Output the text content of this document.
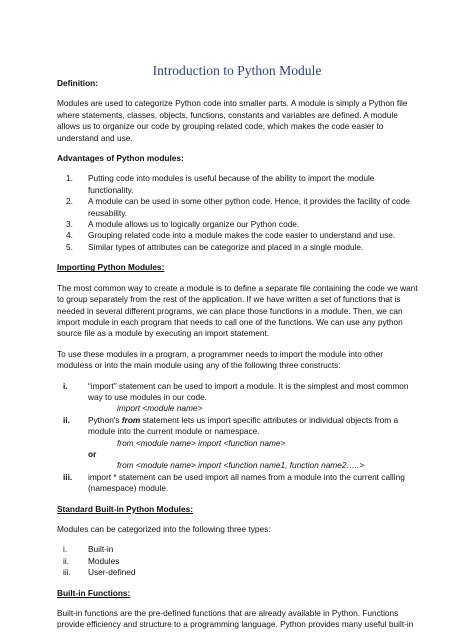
Introduction to Python Module

Definition:

Modules are used to categorize Python code into smaller parts. A module is simply a Python file where statements, classes, objects, functions, constants and variables are defined. A module allows us to organize our code by grouping related code, which makes the code easier to understand and use.

Advantages of Python modules:

1. Putting code into modules is useful because of the ability to import the module functionality.
2. A module can be used in some other python code. Hence, it provides the facility of code reusability.
3. A module allows us to logically organize our Python code.
4. Grouping related code into a module makes the code easier to understand and use.
5. Similar types of attributes can be categorize and placed in a single module.

Importing Python Modules:

The most common way to create a module is to define a separate file containing the code we want to group separately from the rest of the application. If we have written a set of functions that is needed in several different programs, we can place those functions in a module. Then, we can import module in each program that needs to call one of the functions. We can use any python source file as a module by executing an import statement.

To use these modules in a program, a programmer needs to import the module into other moduless or into the main module using any of the following three constructs:

i. “import” statement can be used to import a module. It is the simplest and most common way to use modules in our code.

import <module name>

ii. Python's from statement lets us import specific attributes or individual objects from a module into the current module or namespace.

from <module name> import <function name>

or

from <module name> import <function name1, function name2…..>

iii. import * statement can be used import all names from a module into the current calling (namespace) module.

Standard Built-in Python Modules:

Modules can be categorized into the following three types:

i.	Built-in
ii. Modules
iii. User-defined

Built-in Functions:

Built-in functions are the pre-defined functions that are already available in Python. Functions provide efficiency and structure to a programming language. Python provides many useful built-in
